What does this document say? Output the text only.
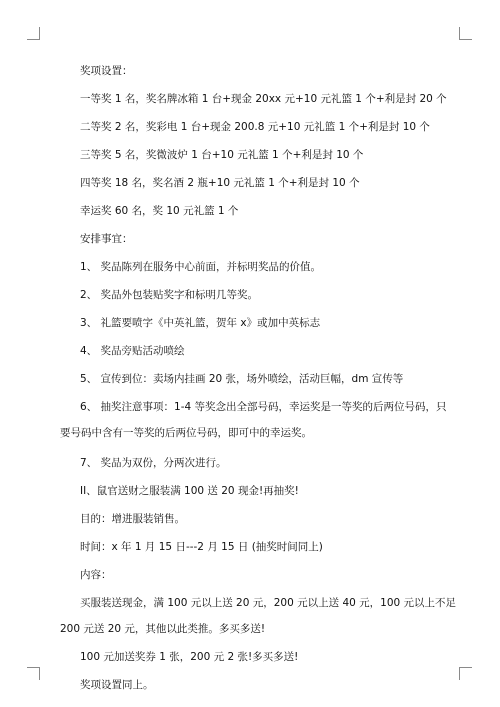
奖项设置：
一等奖 1 名，奖名牌冰箱 1 台+现金 20xx 元+10 元礼篮 1 个+利是封 20 个
二等奖 2 名，奖彩电 1 台+现金 200.8 元+10 元礼篮 1 个+利是封 10 个
三等奖 5 名，奖微波炉 1 台+10 元礼篮 1 个+利是封 10 个
四等奖 18 名，奖名酒 2 瓶+10 元礼篮 1 个+利是封 10 个
幸运奖 60 名，奖 10 元礼篮 1 个
安排事宜：
1、 奖品陈列在服务中心前面，并标明奖品的价值。
2、 奖品外包装贴奖字和标明几等奖。
3、 礼篮要喷字《中英礼篮，贺年 x》或加中英标志
4、 奖品旁贴活动喷绘
5、 宣传到位：卖场内挂画 20 张，场外喷绘，活动巨幅，dm 宣传等
6、 抽奖注意事项：1-4 等奖念出全部号码，幸运奖是一等奖的后两位号码，只
要号码中含有一等奖的后两位号码，即可中的幸运奖。
7、 奖品为双份，分两次进行。
II、鼠官送财之服装满 100 送 20 现金!再抽奖!
目的：增进服装销售。
时间：x 年 1 月 15 日---2 月 15 日 (抽奖时间同上)
内容：
买服装送现金，满 100 元以上送 20 元，200 元以上送 40 元，100 元以上不足
200 元送 20 元，其他以此类推。多买多送!
100 元加送奖券 1 张，200 元 2 张!多买多送!
奖项设置同上。
